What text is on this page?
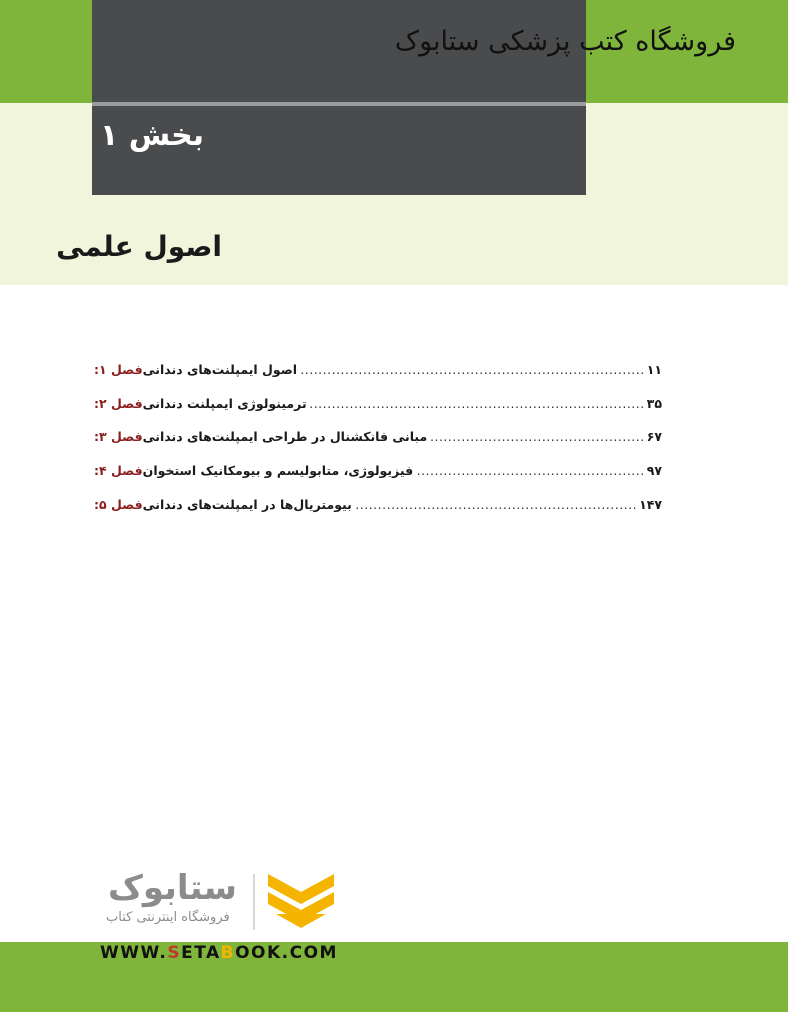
فروشگاه کتب پزشکی ستابوک
بخش ۱
اصول علمی
فصل ۱: اصول ایمپلنت‌های دندانی .....	۱۱
فصل ۲: ترمینولوژی ایمپلنت دندانی .....	۳۵
فصل ۳: مبانی فانکشنال در طراحی ایمپلنت‌های دندانی .....	۶۷
فصل ۴: فیزیولوژی، متابولیسم و بیومکانیک استخوان .....	۹۷
فصل ۵: بیومتریال‌ها در ایمپلنت‌های دندانی .....	۱۴۷
ستابوک
فروشگاه اینترنتی کتاب
WWW.SETABOOK.COM
